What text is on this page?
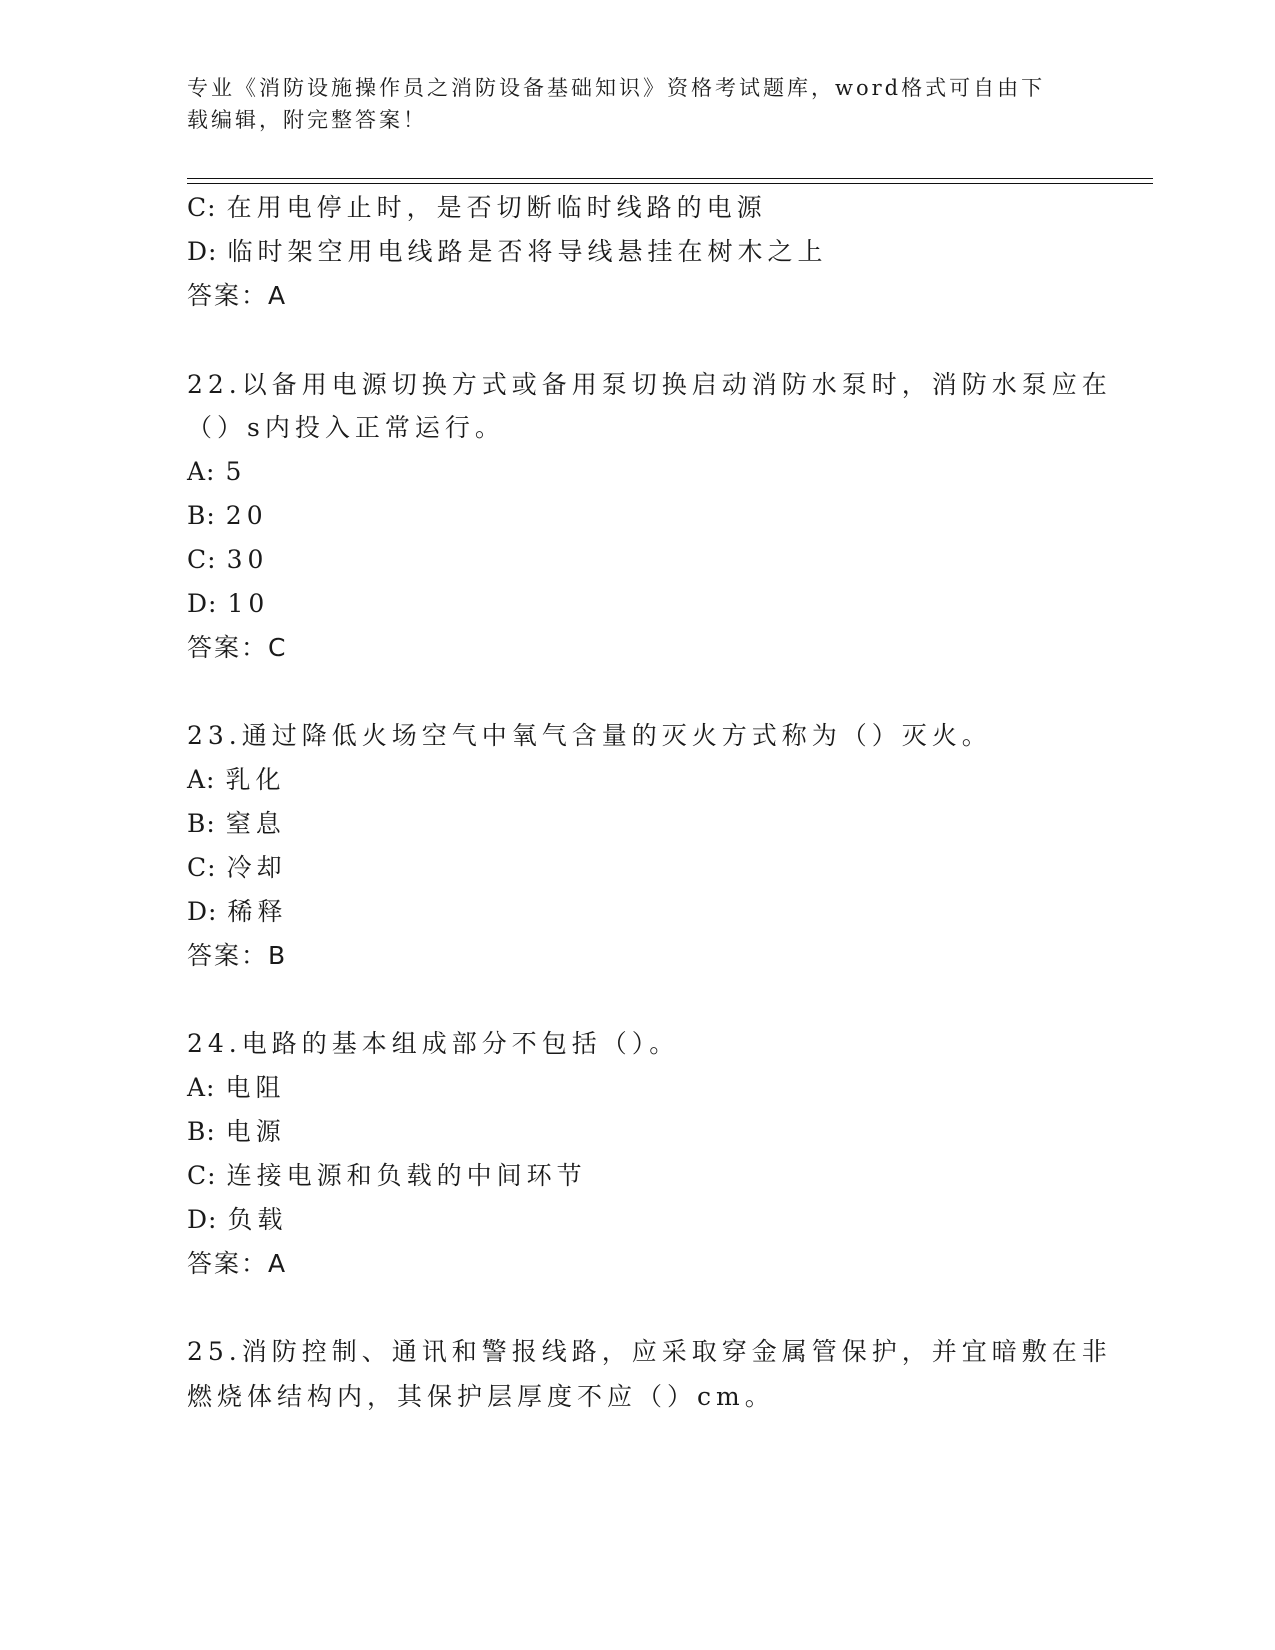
专业《消防设施操作员之消防设备基础知识》资格考试题库，word格式可自由下
载编辑，附完整答案！
C: 在用电停止时，是否切断临时线路的电源
D: 临时架空用电线路是否将导线悬挂在树木之上
答案：A
22.以备用电源切换方式或备用泵切换启动消防水泵时，消防水泵应在
（）s内投入正常运行。
A: 5
B: 20
C: 30
D: 10
答案：C
23.通过降低火场空气中氧气含量的灭火方式称为（）灭火。
A: 乳化
B: 窒息
C: 冷却
D: 稀释
答案：B
24.电路的基本组成部分不包括（）。
A: 电阻
B: 电源
C: 连接电源和负载的中间环节
D: 负载
答案：A
25.消防控制、通讯和警报线路，应采取穿金属管保护，并宜暗敷在非
燃烧体结构内，其保护层厚度不应（）cm。
